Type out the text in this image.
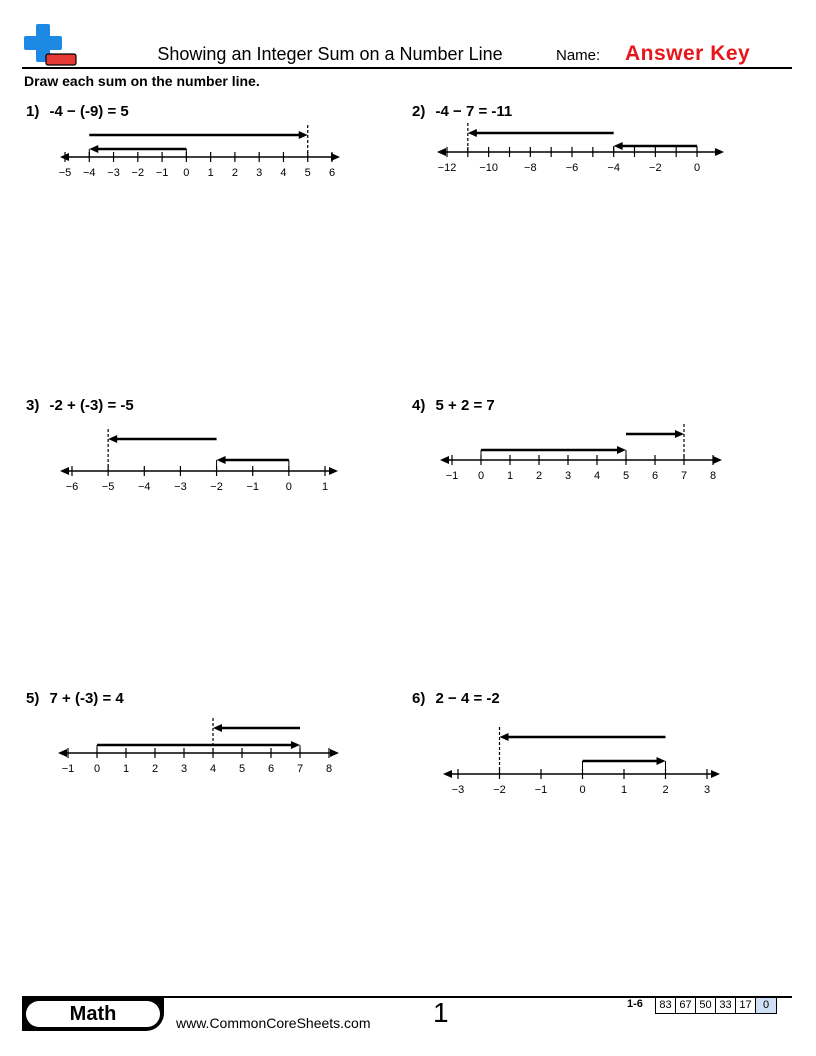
Showing an Integer Sum on a Number Line	Name: Answer Key
Draw each sum on the number line.
1) -4 − (-9) = 5
−5 −4 −3 −2 −1 0 1 2 3 4 5 6
2) -4 − 7 = -11
−12 −10 −8	−6	−4	−2	0
3) -2 + (-3) = -5
−6 −5 −4 −3 −2 −1 0	1
4) 5 + 2 = 7
−1 0 1 2 3 4 5 6 7 8
5) 7 + (-3) = 4
−1 0 1 2 3 4 5 6 7 8
6) 2 − 4 = -2
−3	−2	−1	0	1	2	3
Math	www.CommonCoreSheets.com 1	1-6	83 67 50 33 17	0
